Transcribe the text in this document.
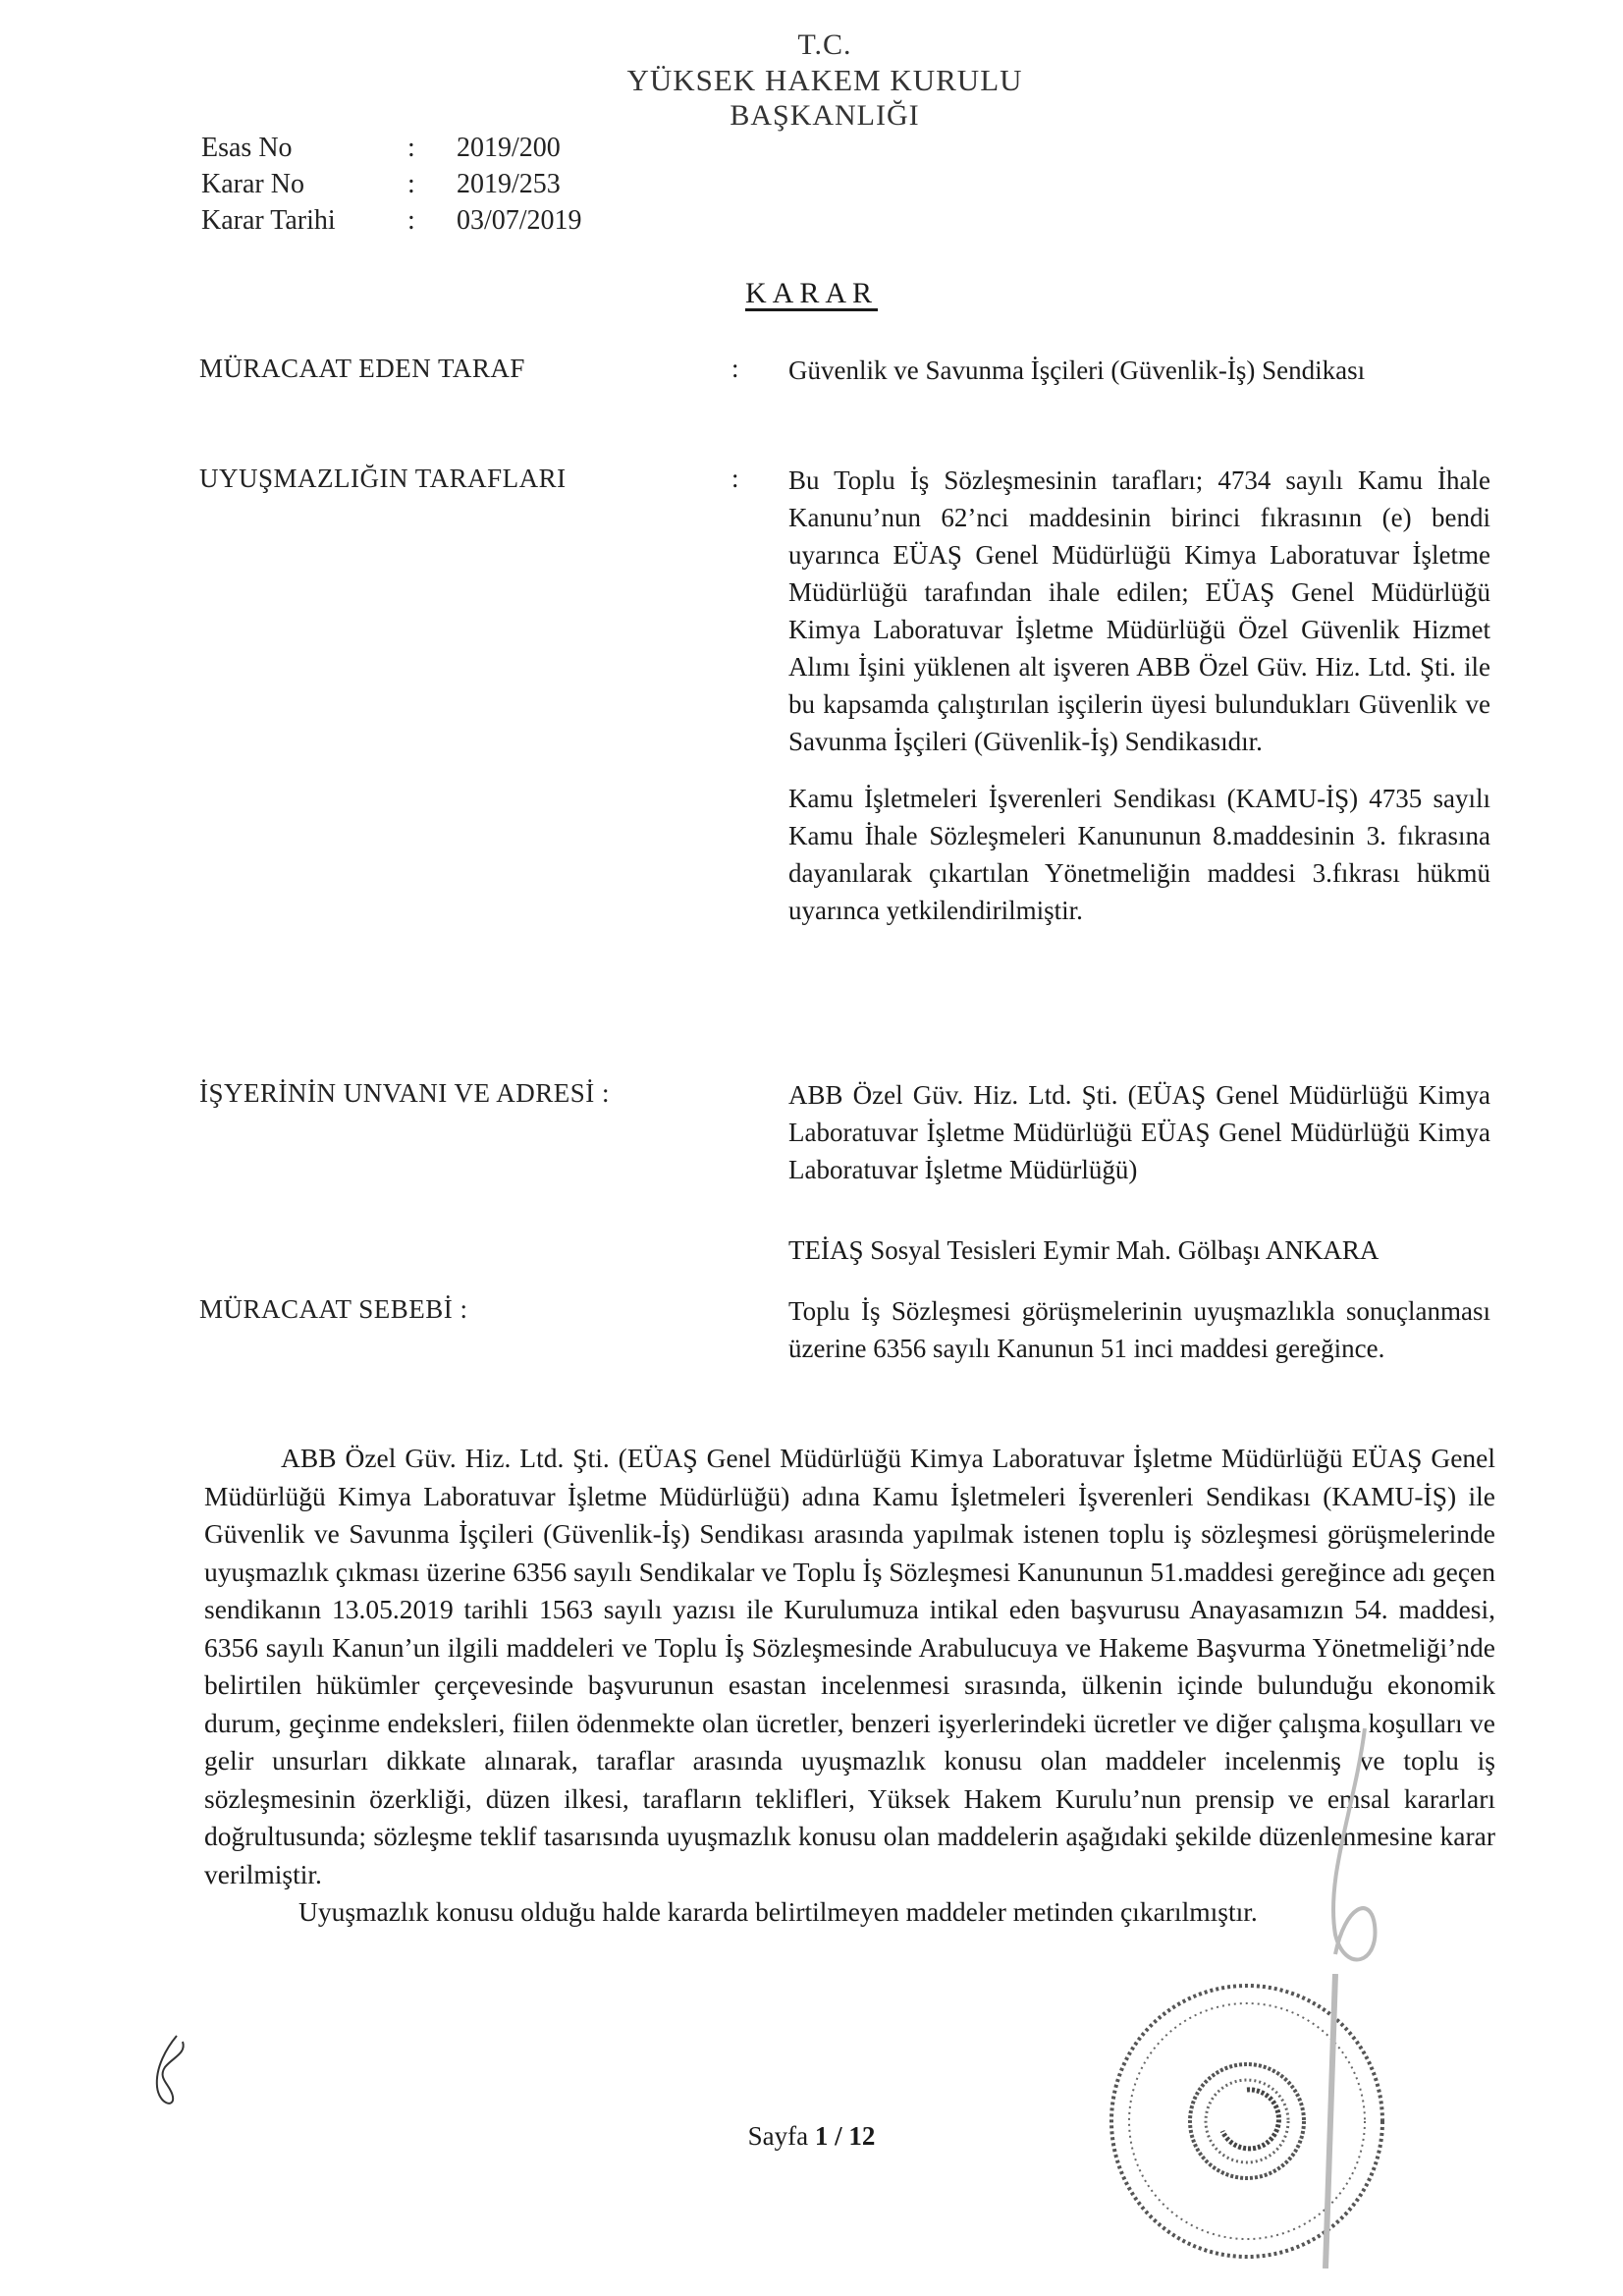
T.C.
YÜKSEK HAKEM KURULU
BAŞKANLIĞI
Esas No	:	2019/200
Karar No	:	2019/253
Karar Tarihi	:	03/07/2019
KARAR
MÜRACAAT EDEN TARAF	: Güvenlik ve Savunma İşçileri (Güvenlik-İş) Sendikası
UYUŞMAZLIĞIN TARAFLARI	: Bu Toplu İş Sözleşmesinin tarafları; 4734 sayılı Kamu İhale Kanunu’nun 62’nci maddesinin birinci fıkrasının (e) bendi uyarınca EÜAŞ Genel Müdürlüğü Kimya Laboratuvar İşletme Müdürlüğü tarafından ihale edilen; EÜAŞ Genel Müdürlüğü Kimya Laboratuvar İşletme Müdürlüğü Özel Güvenlik Hizmet Alımı İşini yüklenen alt işveren ABB Özel Güv. Hiz. Ltd. Şti. ile bu kapsamda çalıştırılan işçilerin üyesi bulundukları Güvenlik ve Savunma İşçileri (Güvenlik-İş) Sendikasıdır.

Kamu İşletmeleri İşverenleri Sendikası (KAMU-İŞ) 4735 sayılı Kamu İhale Sözleşmeleri Kanununun 8.maddesinin 3. fıkrasına dayanılarak çıkartılan Yönetmeliğin maddesi 3.fıkrası hükmü uyarınca yetkilendirilmiştir.

İŞYERİNİN UNVANI VE ADRESİ :	ABB Özel Güv. Hiz. Ltd. Şti. (EÜAŞ Genel Müdürlüğü Kimya Laboratuvar İşletme Müdürlüğü EÜAŞ Genel Müdürlüğü Kimya Laboratuvar İşletme Müdürlüğü)

TEİAŞ Sosyal Tesisleri Eymir Mah. Gölbaşı ANKARA

MÜRACAAT SEBEBİ :	Toplu İş Sözleşmesi görüşmelerinin uyuşmazlıkla sonuçlanması üzerine 6356 sayılı Kanunun 51 inci maddesi gereğince.

ABB Özel Güv. Hiz. Ltd. Şti. (EÜAŞ Genel Müdürlüğü Kimya Laboratuvar İşletme Müdürlüğü EÜAŞ Genel Müdürlüğü Kimya Laboratuvar İşletme Müdürlüğü) adına Kamu İşletmeleri İşverenleri Sendikası (KAMU-İŞ) ile Güvenlik ve Savunma İşçileri (Güvenlik-İş) Sendikası arasında yapılmak istenen toplu iş sözleşmesi görüşmelerinde uyuşmazlık çıkması üzerine 6356 sayılı Sendikalar ve Toplu İş Sözleşmesi Kanununun 51.maddesi gereğince adı geçen sendikanın 13.05.2019 tarihli 1563 sayılı yazısı ile Kurulumuza intikal eden başvurusu Anayasamızın 54. maddesi, 6356 sayılı Kanun’un ilgili maddeleri ve Toplu İş Sözleşmesinde Arabulucuya ve Hakeme Başvurma Yönetmeliği’nde belirtilen hükümler çerçevesinde başvurunun esastan incelenmesi sırasında, ülkenin içinde bulunduğu ekonomik durum, geçinme endeksleri, fiilen ödenmekte olan ücretler, benzeri işyerlerindeki ücretler ve diğer çalışma koşulları ve gelir unsurları dikkate alınarak, taraflar arasında uyuşmazlık konusu olan maddeler incelenmiş ve toplu iş sözleşmesinin özerkliği, düzen ilkesi, tarafların teklifleri, Yüksek Hakem Kurulu’nun prensip ve emsal kararları doğrultusunda; sözleşme teklif tasarısında uyuşmazlık konusu olan maddelerin aşağıdaki şekilde düzenlenmesine karar verilmiştir.

Uyuşmazlık konusu olduğu halde kararda belirtilmeyen maddeler metinden çıkarılmıştır.

Sayfa 1 / 12
